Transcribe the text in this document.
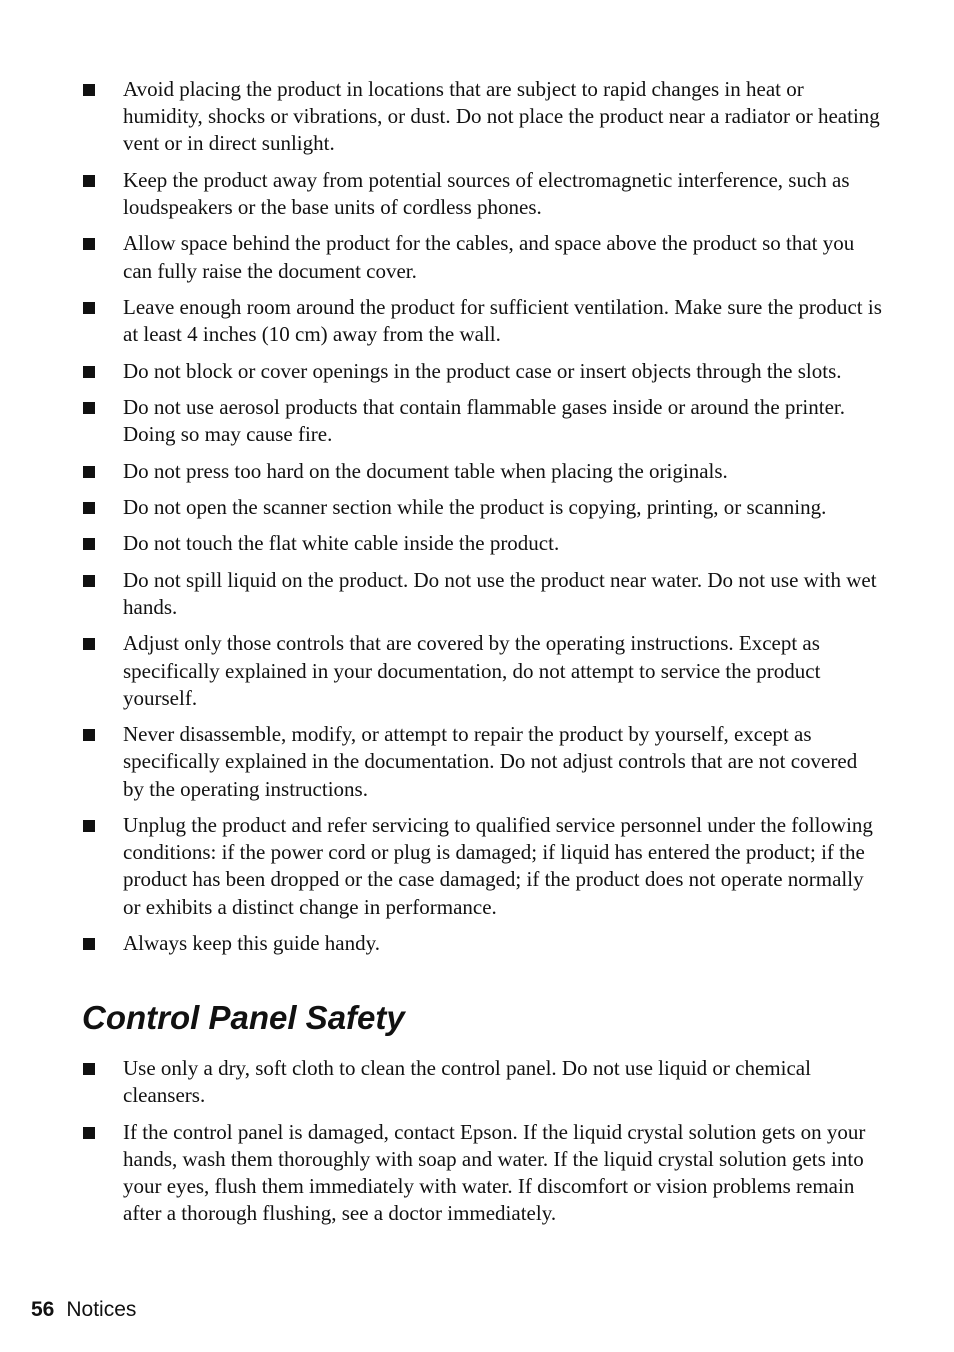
Avoid placing the product in locations that are subject to rapid changes in heat or humidity, shocks or vibrations, or dust. Do not place the product near a radiator or heating vent or in direct sunlight.
Keep the product away from potential sources of electromagnetic interference, such as loudspeakers or the base units of cordless phones.
Allow space behind the product for the cables, and space above the product so that you can fully raise the document cover.
Leave enough room around the product for sufficient ventilation. Make sure the product is at least 4 inches (10 cm) away from the wall.
Do not block or cover openings in the product case or insert objects through the slots.
Do not use aerosol products that contain flammable gases inside or around the printer. Doing so may cause fire.
Do not press too hard on the document table when placing the originals.
Do not open the scanner section while the product is copying, printing, or scanning.
Do not touch the flat white cable inside the product.
Do not spill liquid on the product. Do not use the product near water. Do not use with wet hands.
Adjust only those controls that are covered by the operating instructions. Except as specifically explained in your documentation, do not attempt to service the product yourself.
Never disassemble, modify, or attempt to repair the product by yourself, except as specifically explained in the documentation. Do not adjust controls that are not covered by the operating instructions.
Unplug the product and refer servicing to qualified service personnel under the following conditions: if the power cord or plug is damaged; if liquid has entered the product; if the product has been dropped or the case damaged; if the product does not operate normally or exhibits a distinct change in performance.
Always keep this guide handy.
Control Panel Safety
Use only a dry, soft cloth to clean the control panel. Do not use liquid or chemical cleansers.
If the control panel is damaged, contact Epson. If the liquid crystal solution gets on your hands, wash them thoroughly with soap and water. If the liquid crystal solution gets into your eyes, flush them immediately with water. If discomfort or vision problems remain after a thorough flushing, see a doctor immediately.
56 Notices
